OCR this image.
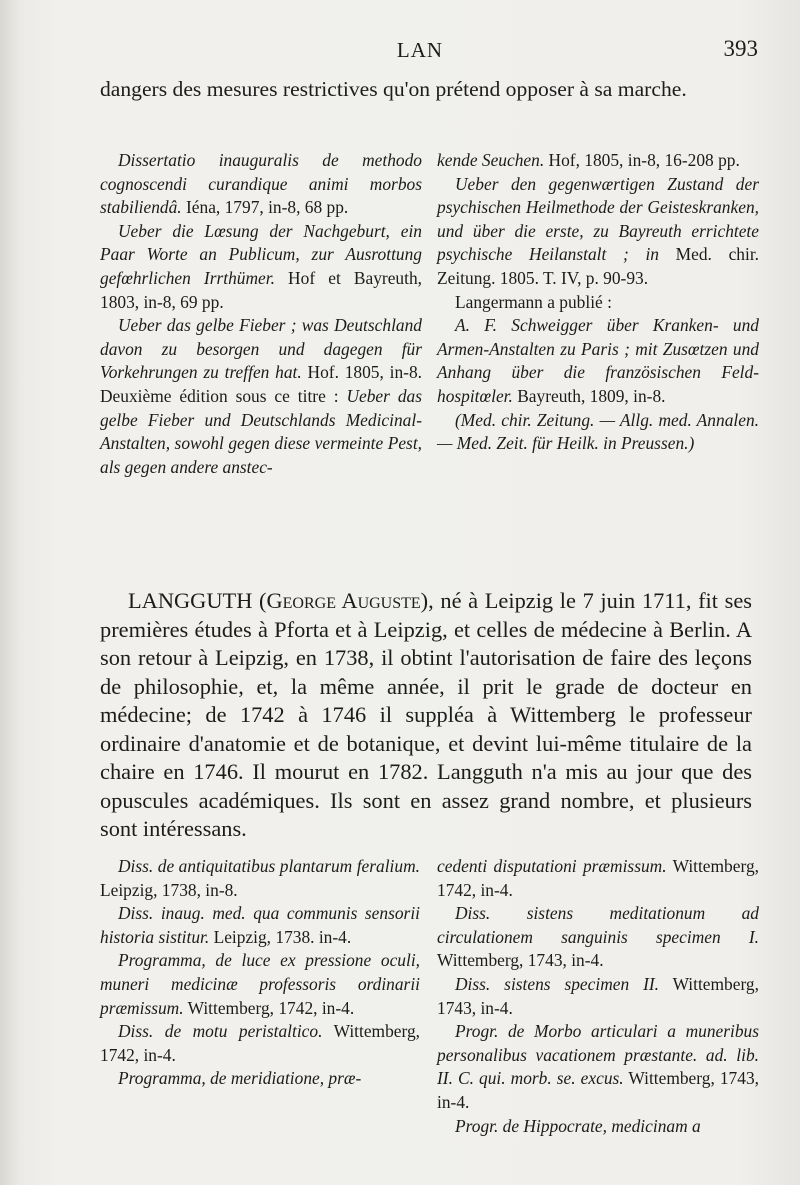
LAN	393
dangers des mesures restrictives qu'on prétend opposer à sa marche.

Dissertatio inauguralis de methodo cognoscendi curandique animi morbos stabiliendâ. Iéna, 1797, in-8, 68 pp.

Ueber die Lœsung der Nachgeburt, ein Paar Worte an Publicum, zur Ausrottung gefœhrlichen Irrthümer. Hof et Bayreuth, 1803, in-8, 69 pp.

Ueber das gelbe Fieber ; was Deutschland davon zu besorgen und dagegen für Vorkehrungen zu treffen hat. Hof. 1805, in-8. Deuxième édition sous ce titre : Ueber das gelbe Fieber und Deutschlands Medicinal-Anstalten, sowohl gegen diese vermeinte Pest, als gegen andere anstec-

kende Seuchen. Hof, 1805, in-8, 16-208 pp.

Ueber den gegenwærtigen Zustand der psychischen Heilmethode der Geisteskranken, und über die erste, zu Bayreuth errichtete psychische Heilanstalt ; in Med. chir. Zeitung. 1805. T. IV, p. 90-93.

Langermann a publié :

A. F. Schweigger über Kranken- und Armen-Anstalten zu Paris ; mit Zusœtzen und Anhang über die französischen Feld-hospitœler. Bayreuth, 1809, in-8.

(Med. chir. Zeitung. — Allg. med. Annalen. — Med. Zeit. für Heilk. in Preussen.)

LANGGUTH (George Auguste), né à Leipzig le 7 juin 1711, fit ses premières études à Pforta et à Leipzig, et celles de médecine à Berlin. A son retour à Leipzig, en 1738, il obtint l'autorisation de faire des leçons de philosophie, et, la même année, il prit le grade de docteur en médecine; de 1742 à 1746 il suppléa à Wittemberg le professeur ordinaire d'anatomie et de botanique, et devint lui-même titulaire de la chaire en 1746. Il mourut en 1782. Langguth n'a mis au jour que des opuscules académiques. Ils sont en assez grand nombre, et plusieurs sont intéressans.

Diss. de antiquitatibus plantarum feralium. Leipzig, 1738, in-8.

Diss. inaug. med. qua communis sensorii historia sistitur. Leipzig, 1738. in-4.

Programma, de luce ex pressione oculi, muneri medicinæ professoris ordinarii præmissum. Wittemberg, 1742, in-4.

Diss. de motu peristaltico. Wittemberg, 1742, in-4.

Programma, de meridiatione, præ-

cedenti disputationi præmissum. Wittemberg, 1742, in-4.

Diss. sistens meditationum ad circulationem sanguinis specimen I. Wittemberg, 1743, in-4.

Diss. sistens specimen II. Wittemberg, 1743, in-4.

Progr. de Morbo articulari a muneribus personalibus vacationem præstante. ad. lib. II. C. qui. morb. se. excus. Wittemberg, 1743, in-4.

Progr. de Hippocrate, medicinam a
